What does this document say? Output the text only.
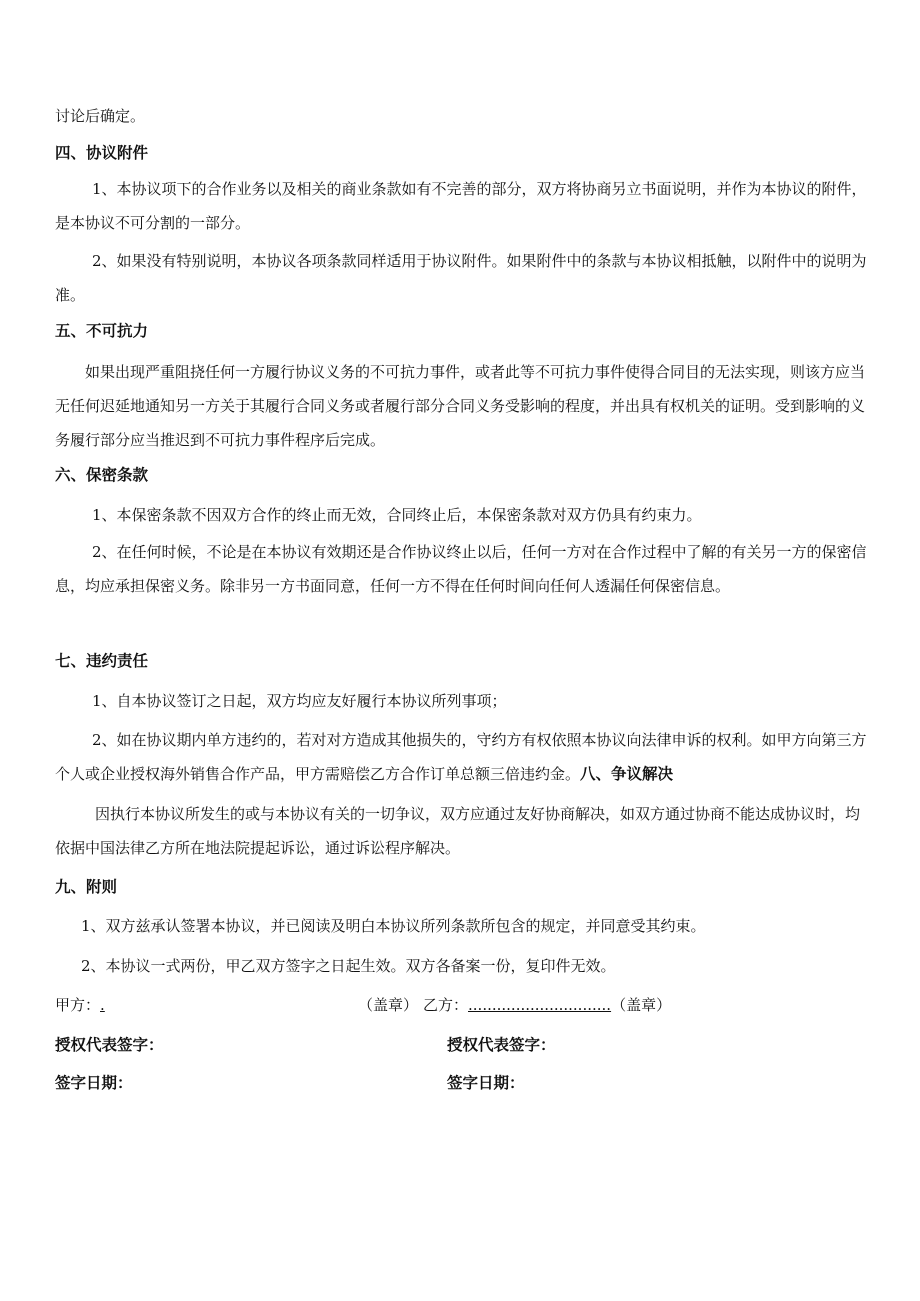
讨论后确定。

四、协议附件

1、本协议项下的合作业务以及相关的商业条款如有不完善的部分，双方将协商另立书面说明，并作为本协议的附件，是本协议不可分割的一部分。

2、如果没有特别说明，本协议各项条款同样适用于协议附件。如果附件中的条款与本协议相抵触，以附件中的说明为准。

五、不可抗力

如果出现严重阻挠任何一方履行协议义务的不可抗力事件，或者此等不可抗力事件使得合同目的无法实现，则该方应当无任何迟延地通知另一方关于其履行合同义务或者履行部分合同义务受影响的程度，并出具有权机关的证明。受到影响的义务履行部分应当推迟到不可抗力事件程序后完成。

六、保密条款

1、本保密条款不因双方合作的终止而无效，合同终止后，本保密条款对双方仍具有约束力。

2、在任何时候，不论是在本协议有效期还是合作协议终止以后，任何一方对在合作过程中了解的有关另一方的保密信息，均应承担保密义务。除非另一方书面同意，任何一方不得在任何时间向任何人透漏任何保密信息。

七、违约责任

1、自本协议签订之日起，双方均应友好履行本协议所列事项；

2、如在协议期内单方违约的，若对对方造成其他损失的，守约方有权依照本协议向法律申诉的权利。如甲方向第三方个人或企业授权海外销售合作产品，甲方需赔偿乙方合作订单总额三倍违约金。八、争议解决

因执行本协议所发生的或与本协议有关的一切争议，双方应通过友好协商解决，如双方通过协商不能达成协议时，均依据中国法律乙方所在地法院提起诉讼，通过诉讼程序解决。

九、附则

1、双方兹承认签署本协议，并已阅读及明白本协议所列条款所包含的规定，并同意受其约束。

2、本协议一式两份，甲乙双方签字之日起生效。双方各备案一份，复印件无效。

甲方：.	（盖章） 乙方：..............................（盖章）
授权代表签字：	授权代表签字：
签字日期：	签字日期：
